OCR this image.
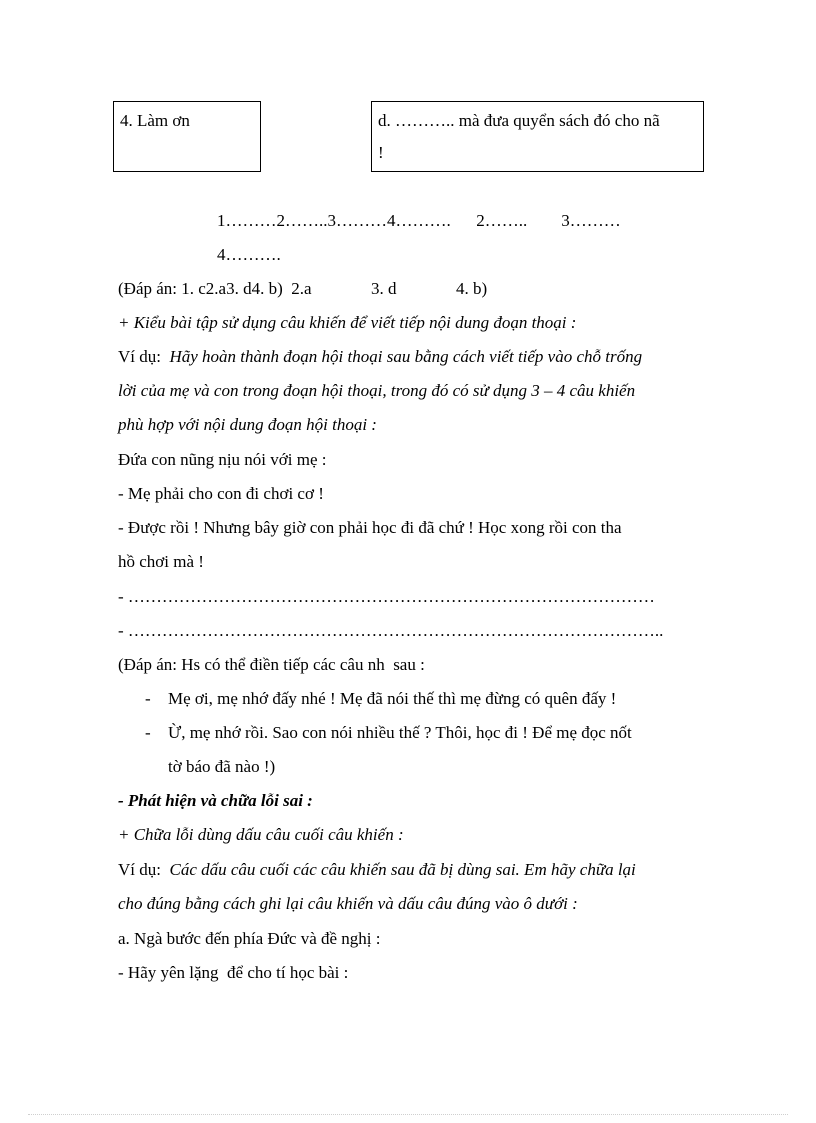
4. Làm ơn	d. ……….. mà đưa quyển sách đó cho nã
!
1………2……..3………4……….      2……..        3………
4……….
(Đáp án: 1. c2.a3. d4. b)  2.a              3. d              4. b)
+ Kiểu bài tập sử dụng câu khiến để viết tiếp nội dung đoạn thoại :
Ví dụ: Hãy hoàn thành đoạn hội thoại sau bằng cách viết tiếp vào chỗ trống
lời của mẹ và con trong đoạn hội thoại, trong đó có sử dụng 3 – 4 câu khiến
phù hợp với nội dung đoạn hội thoại :
Đứa con nũng nịu nói với mẹ :
- Mẹ phải cho con đi chơi cơ !
- Được rồi ! Nhưng bây giờ con phải học đi đã chứ ! Học xong rồi con tha
hồ chơi mà !
- …………………………………………………………………………………
- …………………………………………………………………………………..
(Đáp án: Hs có thể điền tiếp các câu nh  sau :
- Mẹ ơi, mẹ nhớ đấy nhé ! Mẹ đã nói thế thì mẹ đừng có quên đấy !
- Ừ, mẹ nhớ rồi. Sao con nói nhiều thế ? Thôi, học đi ! Để mẹ đọc nốt
tờ báo đã nào !)
- Phát hiện và chữa lỗi sai :
+ Chữa lỗi dùng dấu câu cuối câu khiến :
Ví dụ: Các dấu câu cuối các câu khiến sau đã bị dùng sai. Em hãy chữa lại
cho đúng bằng cách ghi lại câu khiến và dấu câu đúng vào ô dưới :
a. Ngà bước đến phía Đức và đề nghị :
- Hãy yên lặng  để cho tí học bài :
